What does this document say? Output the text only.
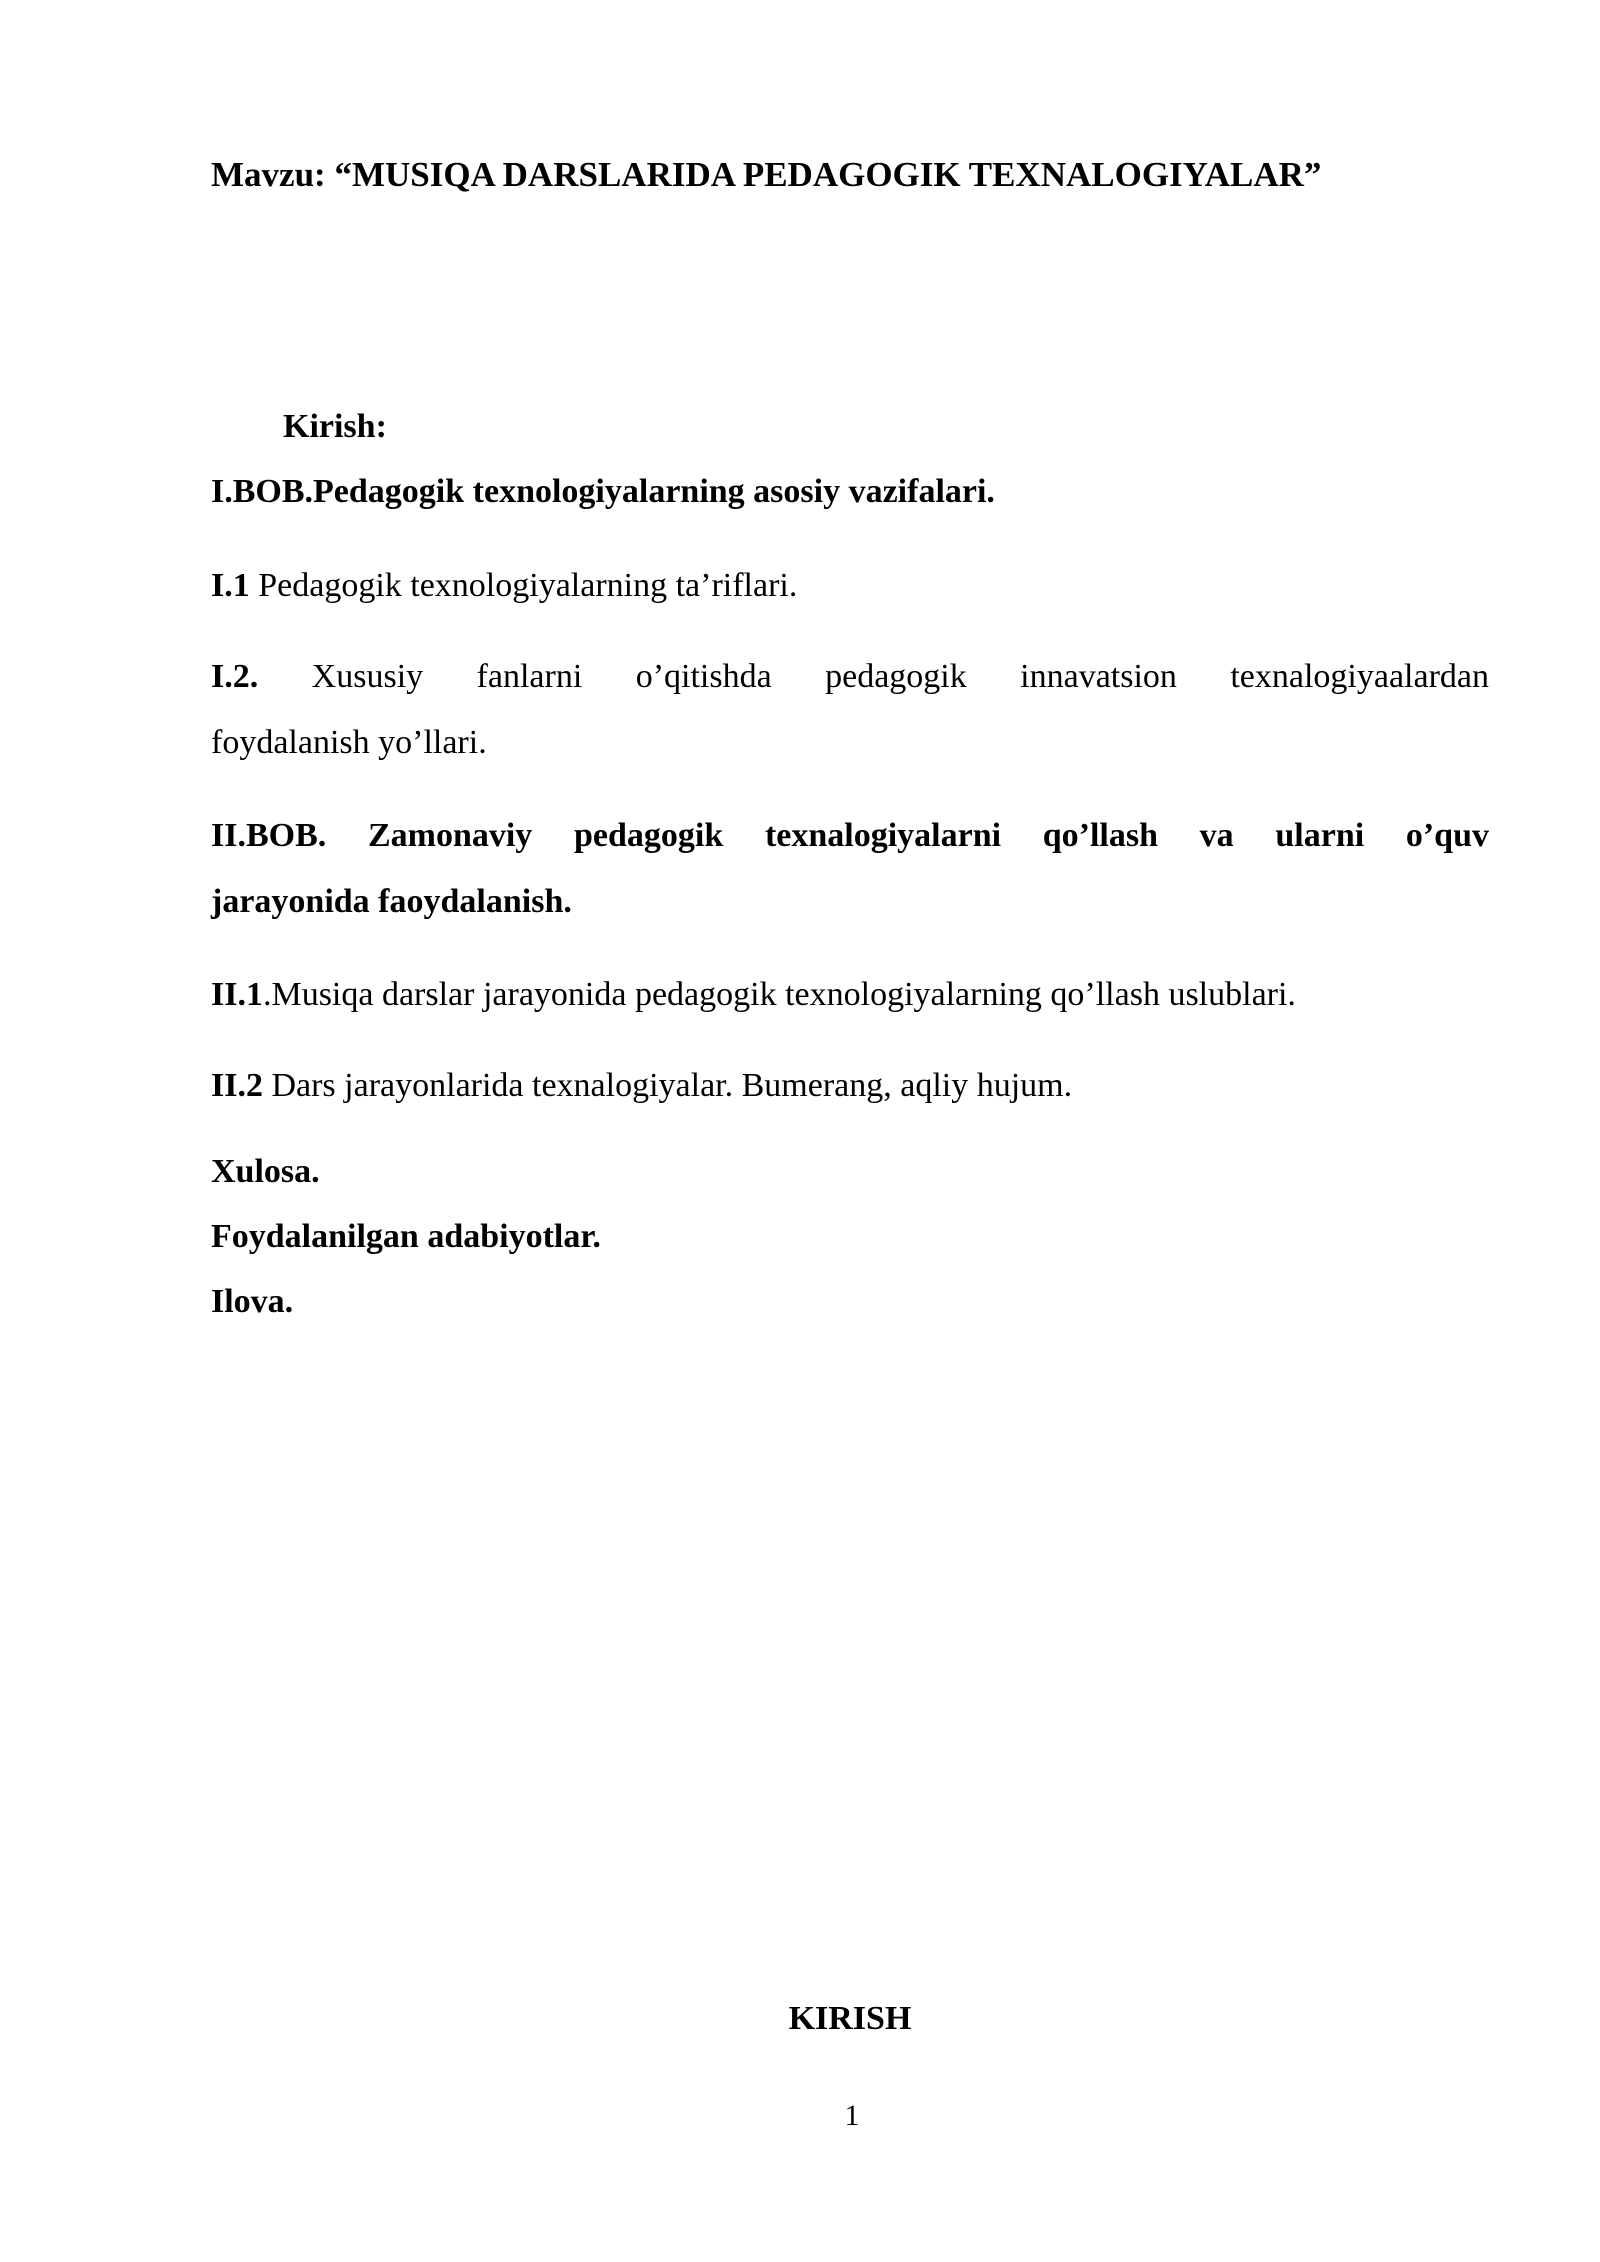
Mavzu: “MUSIQA DARSLARIDA PEDAGOGIK TEXNALOGIYALAR”
Kirish:
I.BOB.Pedagogik texnologiyalarning asosiy vazifalari.
I.1 Pedagogik texnologiyalarning ta’riflari.
I.2. Xususiy fanlarni o’qitishda pedagogik innavatsion texnalogiyaalardan
foydalanish yo’llari.
II.BOB. Zamonaviy pedagogik texnalogiyalarni qo’llash va ularni o’quv
jarayonida faoydalanish.
II.1.Musiqa darslar jarayonida pedagogik texnologiyalarning qo’llash uslublari.
II.2 Dars jarayonlarida texnalogiyalar. Bumerang, aqliy hujum.
Xulosa.
Foydalanilgan adabiyotlar.
Ilova.
KIRISH
1
